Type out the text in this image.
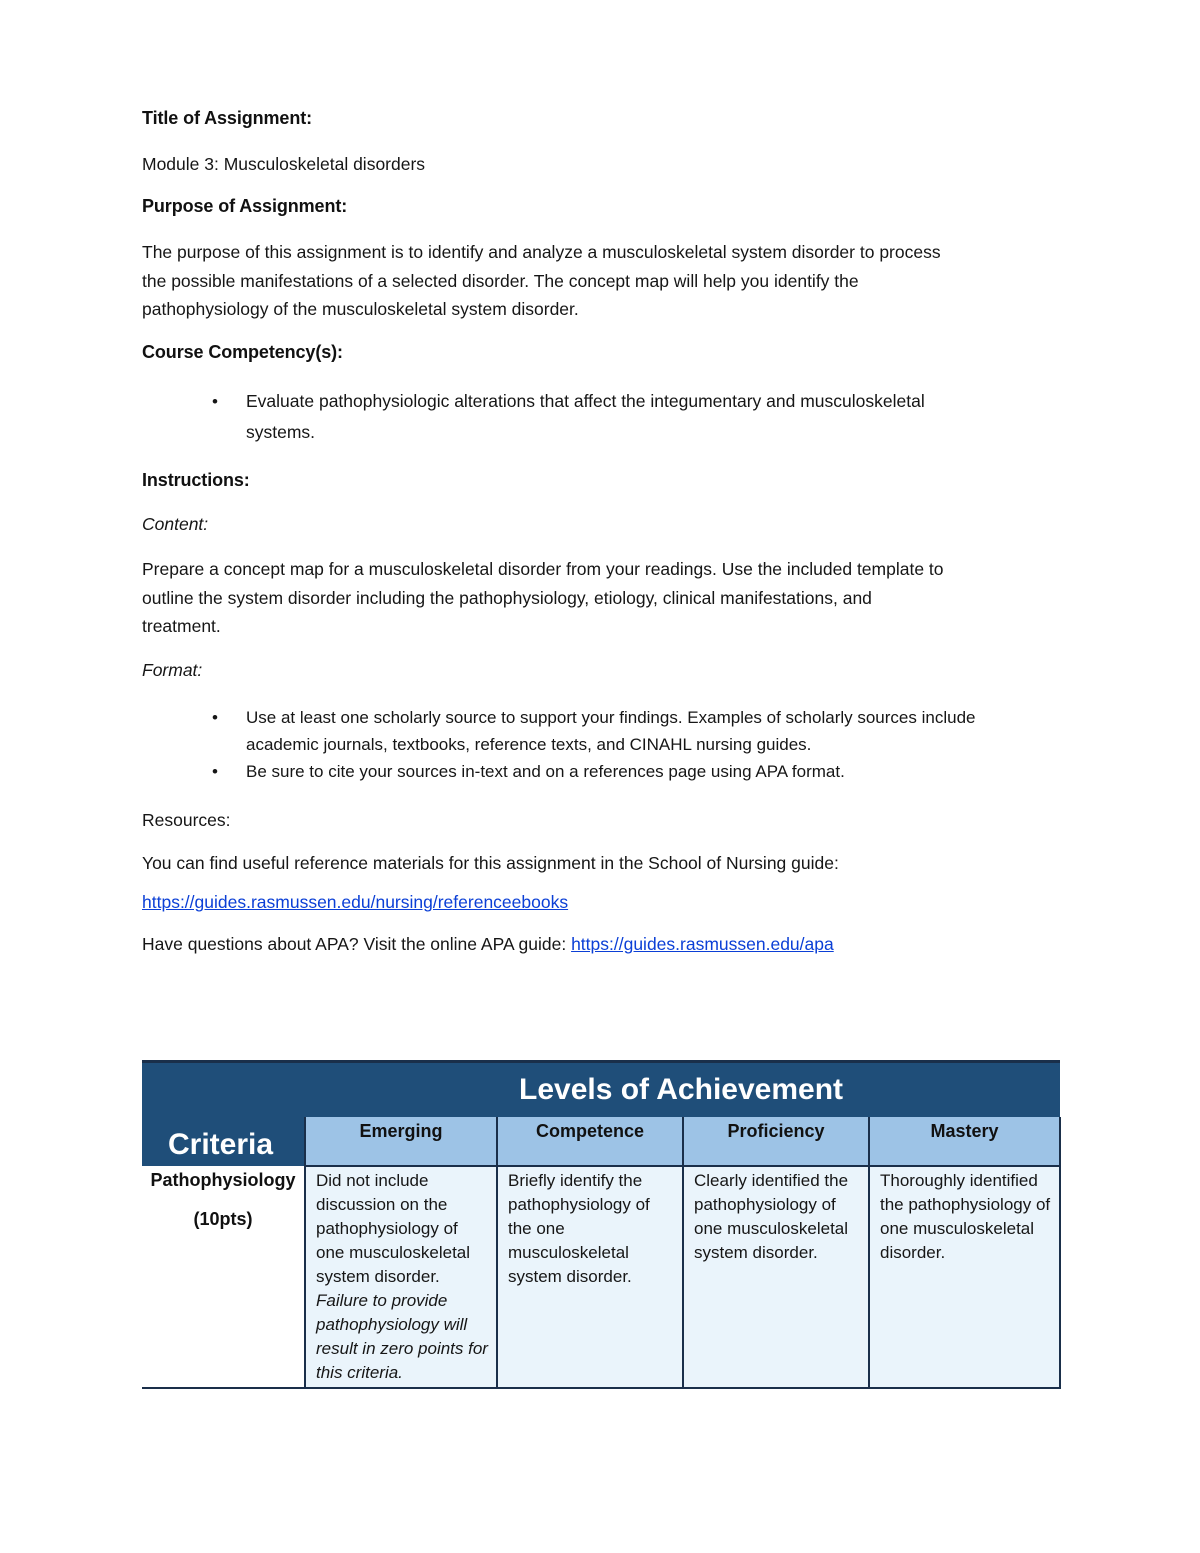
Title of Assignment:
Module 3: Musculoskeletal disorders
Purpose of Assignment:
The purpose of this assignment is to identify and analyze a musculoskeletal system disorder to process
the possible manifestations of a selected disorder. The concept map will help you identify the
pathophysiology of the musculoskeletal system disorder.
Course Competency(s):
• Evaluate pathophysiologic alterations that affect the integumentary and musculoskeletal
systems.
Instructions:
Content:
Prepare a concept map for a musculoskeletal disorder from your readings. Use the included template to
outline the system disorder including the pathophysiology, etiology, clinical manifestations, and
treatment.
Format:
• Use at least one scholarly source to support your findings. Examples of scholarly sources include
academic journals, textbooks, reference texts, and CINAHL nursing guides.
• Be sure to cite your sources in-text and on a references page using APA format.
Resources:
You can find useful reference materials for this assignment in the School of Nursing guide:
https://guides.rasmussen.edu/nursing/referenceebooks
Have questions about APA? Visit the online APA guide: https://guides.rasmussen.edu/apa
Levels of Achievement				
Criteria	Emerging	Competence	Proficiency	Mastery
Pathophysiology
(10pts)	Did not include discussion on the pathophysiology of one musculoskeletal system disorder. Failure to provide pathophysiology will result in zero points for this criteria.	Briefly identify the pathophysiology of the one musculoskeletal system disorder.	Clearly identified the pathophysiology of one musculoskeletal system disorder.	Thoroughly identified the pathophysiology of one musculoskeletal disorder.
